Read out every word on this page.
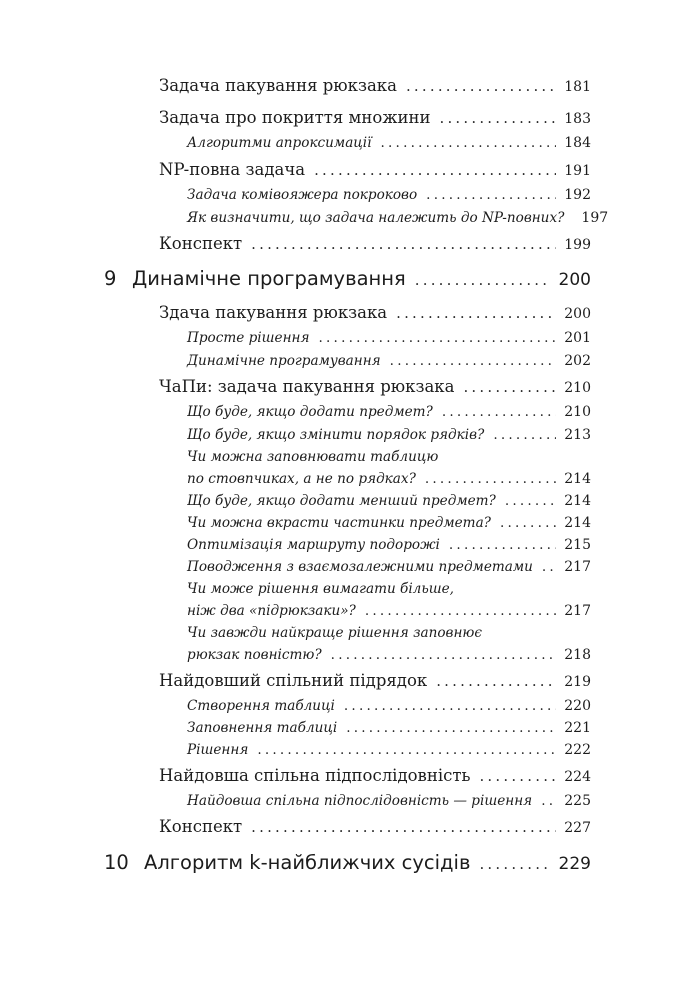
Задача пакування рюкзака .....	181
Задача про покриття множини .....	183
Алгоритми апроксимації .....	184
NP-повна задача .....	191
Задача комівояжера покроково .....	192
Як визначити, що задача належить до NP-повних? 197
Конспект .....	199
9 Динамічне програмування .....	200
Здача пакування рюкзака .....	200
Просте рішення .....	201
Динамічне програмування .....	202
ЧаПи: задача пакування рюкзака .....	210
Що буде, якщо додати предмет? .....	210
Що буде, якщо змінити порядок рядків? .....	213
Чи можна заповнювати таблицю
по стовпчиках, а не по рядках? .....	214
Що буде, якщо додати менший предмет? .....	214
Чи можна вкрасти частинки предмета? .....	214
Оптимізація маршруту подорожі .....	215
Поводження з взаємозалежними предметами ..... 217
Чи може рішення вимагати більше,
ніж два «підрюкзаки»? .....	217
Чи завжди найкраще рішення заповнює
рюкзак повністю? .....	218
Найдовший спільний підрядок .....	219
Створення таблиці .....	220
Заповнення таблиці .....	221
Рішення .....	222
Найдовша спільна підпослідовність .....	224
Найдовша спільна підпослідовність — рішення ..... 225
Конспект .....	227
10 Алгоритм k-найближчих сусідів .....	229
